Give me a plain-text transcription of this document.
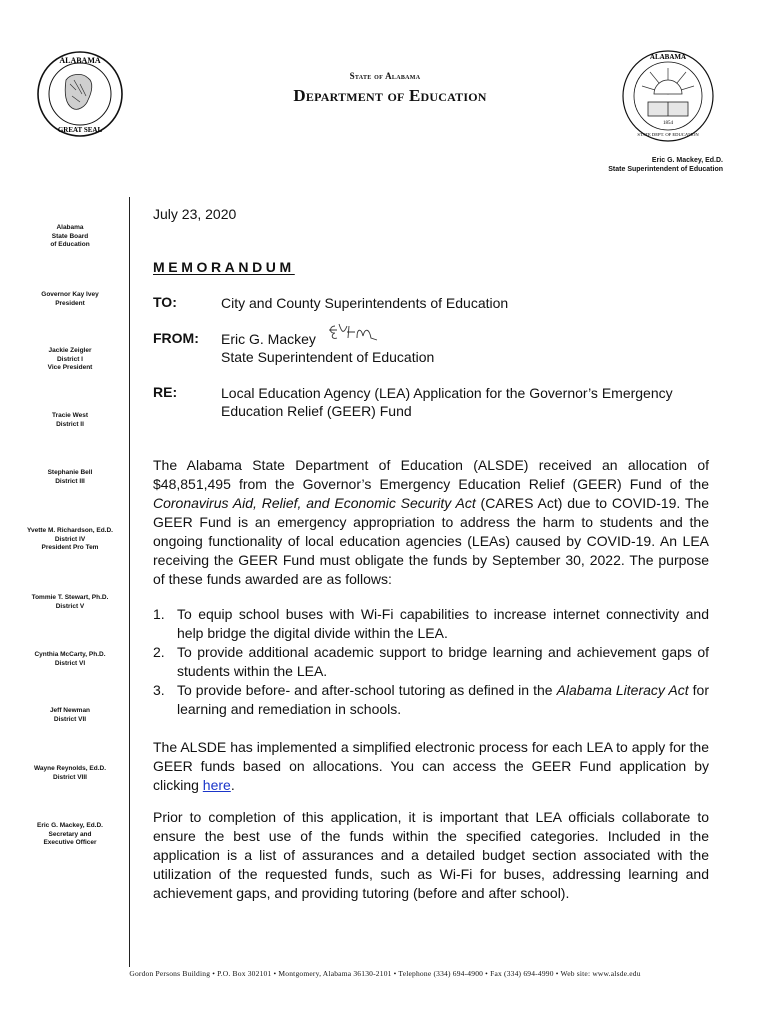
ALABAMA
GREAT SEAL
ALABAMA
1854
STATE DEPT. OF EDUCATION
State of Alabama
Department of Education
Eric G. Mackey, Ed.D.
State Superintendent of Education
Alabama
State Board
of Education
Governor Kay Ivey
President
Jackie Zeigler
District I
Vice President
Tracie West
District II
Stephanie Bell
District III
Yvette M. Richardson, Ed.D.
District IV
President Pro Tem
Tommie T. Stewart, Ph.D.
District V
Cynthia McCarty, Ph.D.
District VI
Jeff Newman
District VII
Wayne Reynolds, Ed.D.
District VIII
Eric G. Mackey, Ed.D.
Secretary and
Executive Officer
July 23, 2020
MEMORANDUM
TO:	City and County Superintendents of Education
FROM: Eric G. Mackey
State Superintendent of Education
RE:	Local Education Agency (LEA) Application for the Governor’s Emergency Education Relief (GEER) Fund
The Alabama State Department of Education (ALSDE) received an allocation of $48,851,495 from the Governor’s Emergency Education Relief (GEER) Fund of the Coronavirus Aid, Relief, and Economic Security Act (CARES Act) due to COVID-19. The GEER Fund is an emergency appropriation to address the harm to students and the ongoing functionality of local education agencies (LEAs) caused by COVID-19. An LEA receiving the GEER Fund must obligate the funds by September 30, 2022. The purpose of these funds awarded are as follows:
1. To equip school buses with Wi-Fi capabilities to increase internet connectivity and help bridge the digital divide within the LEA.
2. To provide additional academic support to bridge learning and achievement gaps of students within the LEA.
3. To provide before- and after-school tutoring as defined in the Alabama Literacy Act for learning and remediation in schools.
The ALSDE has implemented a simplified electronic process for each LEA to apply for the GEER funds based on allocations. You can access the GEER Fund application by clicking here.
Prior to completion of this application, it is important that LEA officials collaborate to ensure the best use of the funds within the specified categories. Included in the application is a list of assurances and a detailed budget section associated with the utilization of the requested funds, such as Wi-Fi for buses, addressing learning and achievement gaps, and providing tutoring (before and after school).
Gordon Persons Building • P.O. Box 302101 • Montgomery, Alabama 36130-2101 • Telephone (334) 694-4900 • Fax (334) 694-4990 • Web site: www.alsde.edu
